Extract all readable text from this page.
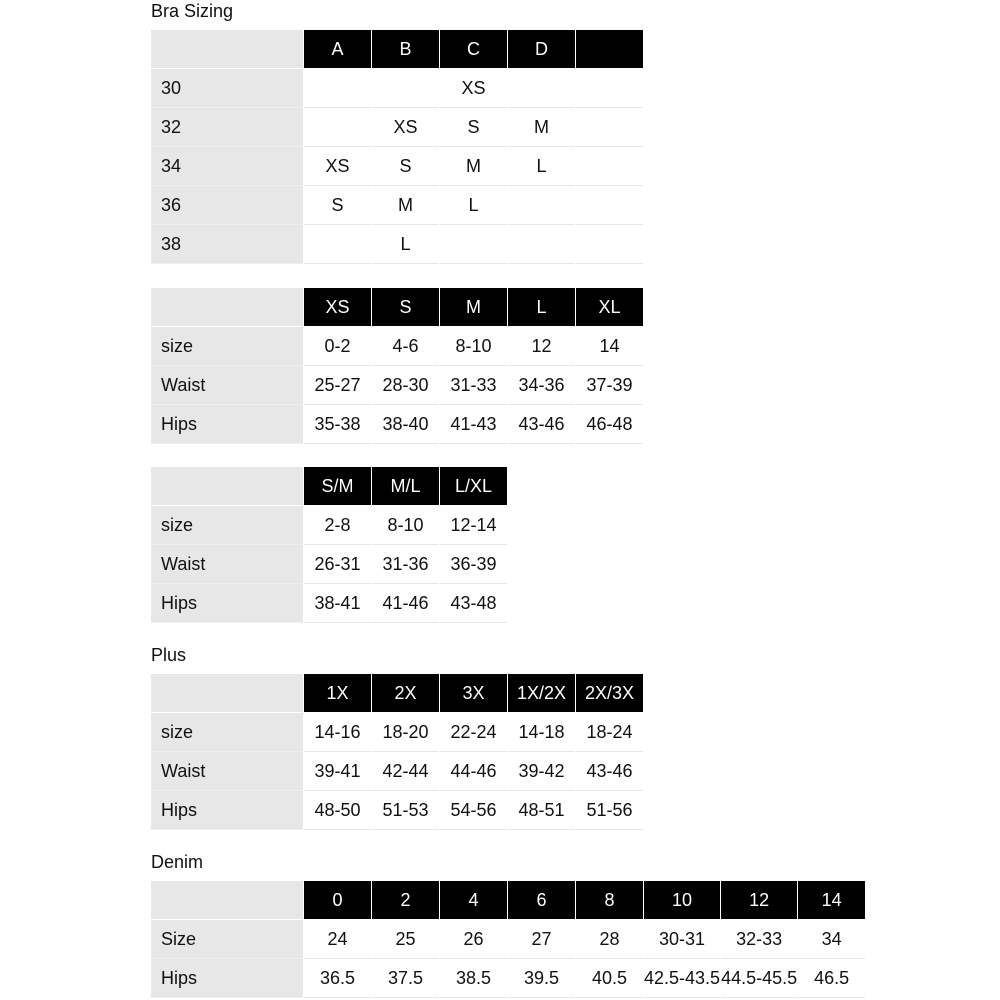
Bra Sizing
	A	B	C	D	
30			XS		
32		XS	S	M	
34	XS	S	M	L	
36	S	M	L		
38		L			
	XS	S	M	L	XL
size	0-2	4-6	8-10	12	14
Waist	25-27	28-30	31-33	34-36	37-39
Hips	35-38	38-40	41-43	43-46	46-48
	S/M	M/L	L/XL
size	2-8	8-10	12-14
Waist	26-31	31-36	36-39
Hips	38-41	41-46	43-48
Plus
	1X	2X	3X	1X/2X	2X/3X
size	14-16	18-20	22-24	14-18	18-24
Waist	39-41	42-44	44-46	39-42	43-46
Hips	48-50	51-53	54-56	48-51	51-56
Denim
	0	2	4	6	8	10	12	14
Size	24	25	26	27	28	30-31	32-33	34
Hips	36.5	37.5	38.5	39.5	40.5	42.5-43.5	44.5-45.5	46.5
